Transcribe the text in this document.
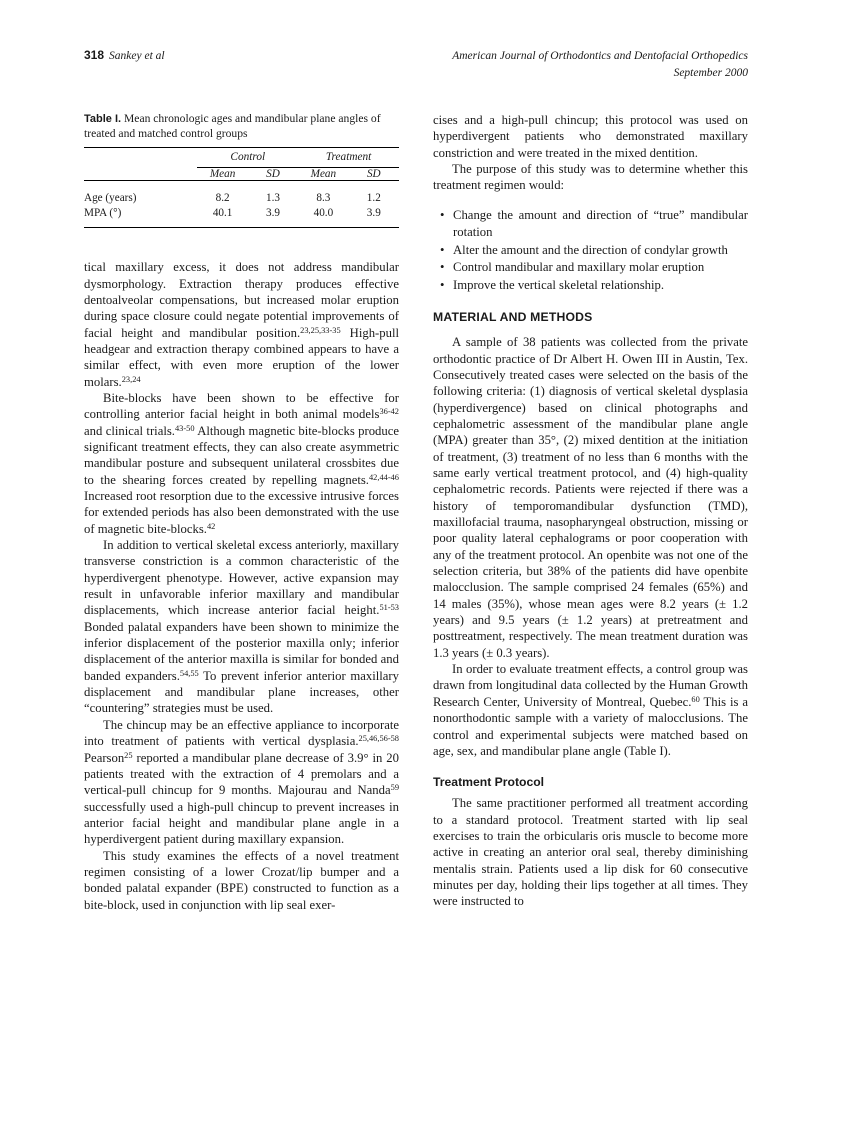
318 Sankey et al	American Journal of Orthodontics and Dentofacial Orthopedics
September 2000

Table I. Mean chronologic ages and mandibular plane angles of treated and matched control groups

	Control		Treatment	

	Mean	SD	Mean	SD

Age (years)	8.2	1.3	8.3	1.2
MPA (°)	40.1	3.9	40.0	3.9

tical maxillary excess, it does not address mandibular dysmorphology. Extraction therapy produces effective dentoalveolar compensations, but increased molar eruption during space closure could negate potential improvements of facial height and mandibular position.$^{23,25,33-35}$ High-pull headgear and extraction therapy combined appears to have a similar effect, with even more eruption of the lower molars.$^{23,24}$

Bite-blocks have been shown to be effective for controlling anterior facial height in both animal models$^{36-42}$ and clinical trials.$^{43-50}$ Although magnetic bite-blocks produce significant treatment effects, they can also create asymmetric mandibular posture and subsequent unilateral crossbites due to the shearing forces created by repelling magnets.$^{42,44-46}$ Increased root resorption due to the excessive intrusive forces for extended periods has also been demonstrated with the use of magnetic bite-blocks.$^{42}$

In addition to vertical skeletal excess anteriorly, maxillary transverse constriction is a common characteristic of the hyperdivergent phenotype. However, active expansion may result in unfavorable inferior maxillary and mandibular displacements, which increase anterior facial height.$^{51-53}$ Bonded palatal expanders have been shown to minimize the inferior displacement of the posterior maxilla only; inferior displacement of the anterior maxilla is similar for bonded and banded expanders.$^{54,55}$ To prevent inferior anterior maxillary displacement and mandibular plane increases, other “countering” strategies must be used.

The chincup may be an effective appliance to incorporate into treatment of patients with vertical dysplasia.$^{25,46,56-58}$ Pearson$^{25}$ reported a mandibular plane decrease of 3.9° in 20 patients treated with the extraction of 4 premolars and a vertical-pull chincup for 9 months. Majourau and Nanda$^{59}$ successfully used a high-pull chincup to prevent increases in anterior facial height and mandibular plane angle in a hyperdivergent patient during maxillary expansion.

This study examines the effects of a novel treatment regimen consisting of a lower Crozat/lip bumper and a bonded palatal expander (BPE) constructed to function as a bite-block, used in conjunction with lip seal exer-

cises and a high-pull chincup; this protocol was used on hyperdivergent patients who demonstrated maxillary constriction and were treated in the mixed dentition.

The purpose of this study was to determine whether this treatment regimen would:

• Change the amount and direction of “true” mandibular rotation
• Alter the amount and the direction of condylar growth
• Control mandibular and maxillary molar eruption
• Improve the vertical skeletal relationship.
MATERIAL AND METHODS

A sample of 38 patients was collected from the private orthodontic practice of Dr Albert H. Owen III in Austin, Tex. Consecutively treated cases were selected on the basis of the following criteria: (1) diagnosis of vertical skeletal dysplasia (hyperdivergence) based on clinical photographs and cephalometric assessment of the mandibular plane angle (MPA) greater than 35°, (2) mixed dentition at the initiation of treatment, (3) treatment of no less than 6 months with the same early vertical treatment protocol, and (4) high-quality cephalometric records. Patients were rejected if there was a history of temporomandibular dysfunction (TMD), maxillofacial trauma, nasopharyngeal obstruction, missing or poor quality lateral cephalograms or poor cooperation with any of the treatment protocol. An openbite was not one of the selection criteria, but 38% of the patients did have openbite malocclusion. The sample comprised 24 females (65%) and 14 males (35%), whose mean ages were 8.2 years (± 1.2 years) and 9.5 years (± 1.2 years) at pretreatment and posttreatment, respectively. The mean treatment duration was 1.3 years (± 0.3 years).

In order to evaluate treatment effects, a control group was drawn from longitudinal data collected by the Human Growth Research Center, University of Montreal, Quebec.$^{60}$ This is a nonorthodontic sample with a variety of malocclusions. The control and experimental subjects were matched based on age, sex, and mandibular plane angle (Table I).

Treatment Protocol

The same practitioner performed all treatment according to a standard protocol. Treatment started with lip seal exercises to train the orbicularis oris muscle to become more active in creating an anterior oral seal, thereby diminishing mentalis strain. Patients used a lip disk for 60 consecutive minutes per day, holding their lips together at all times. They were instructed to
